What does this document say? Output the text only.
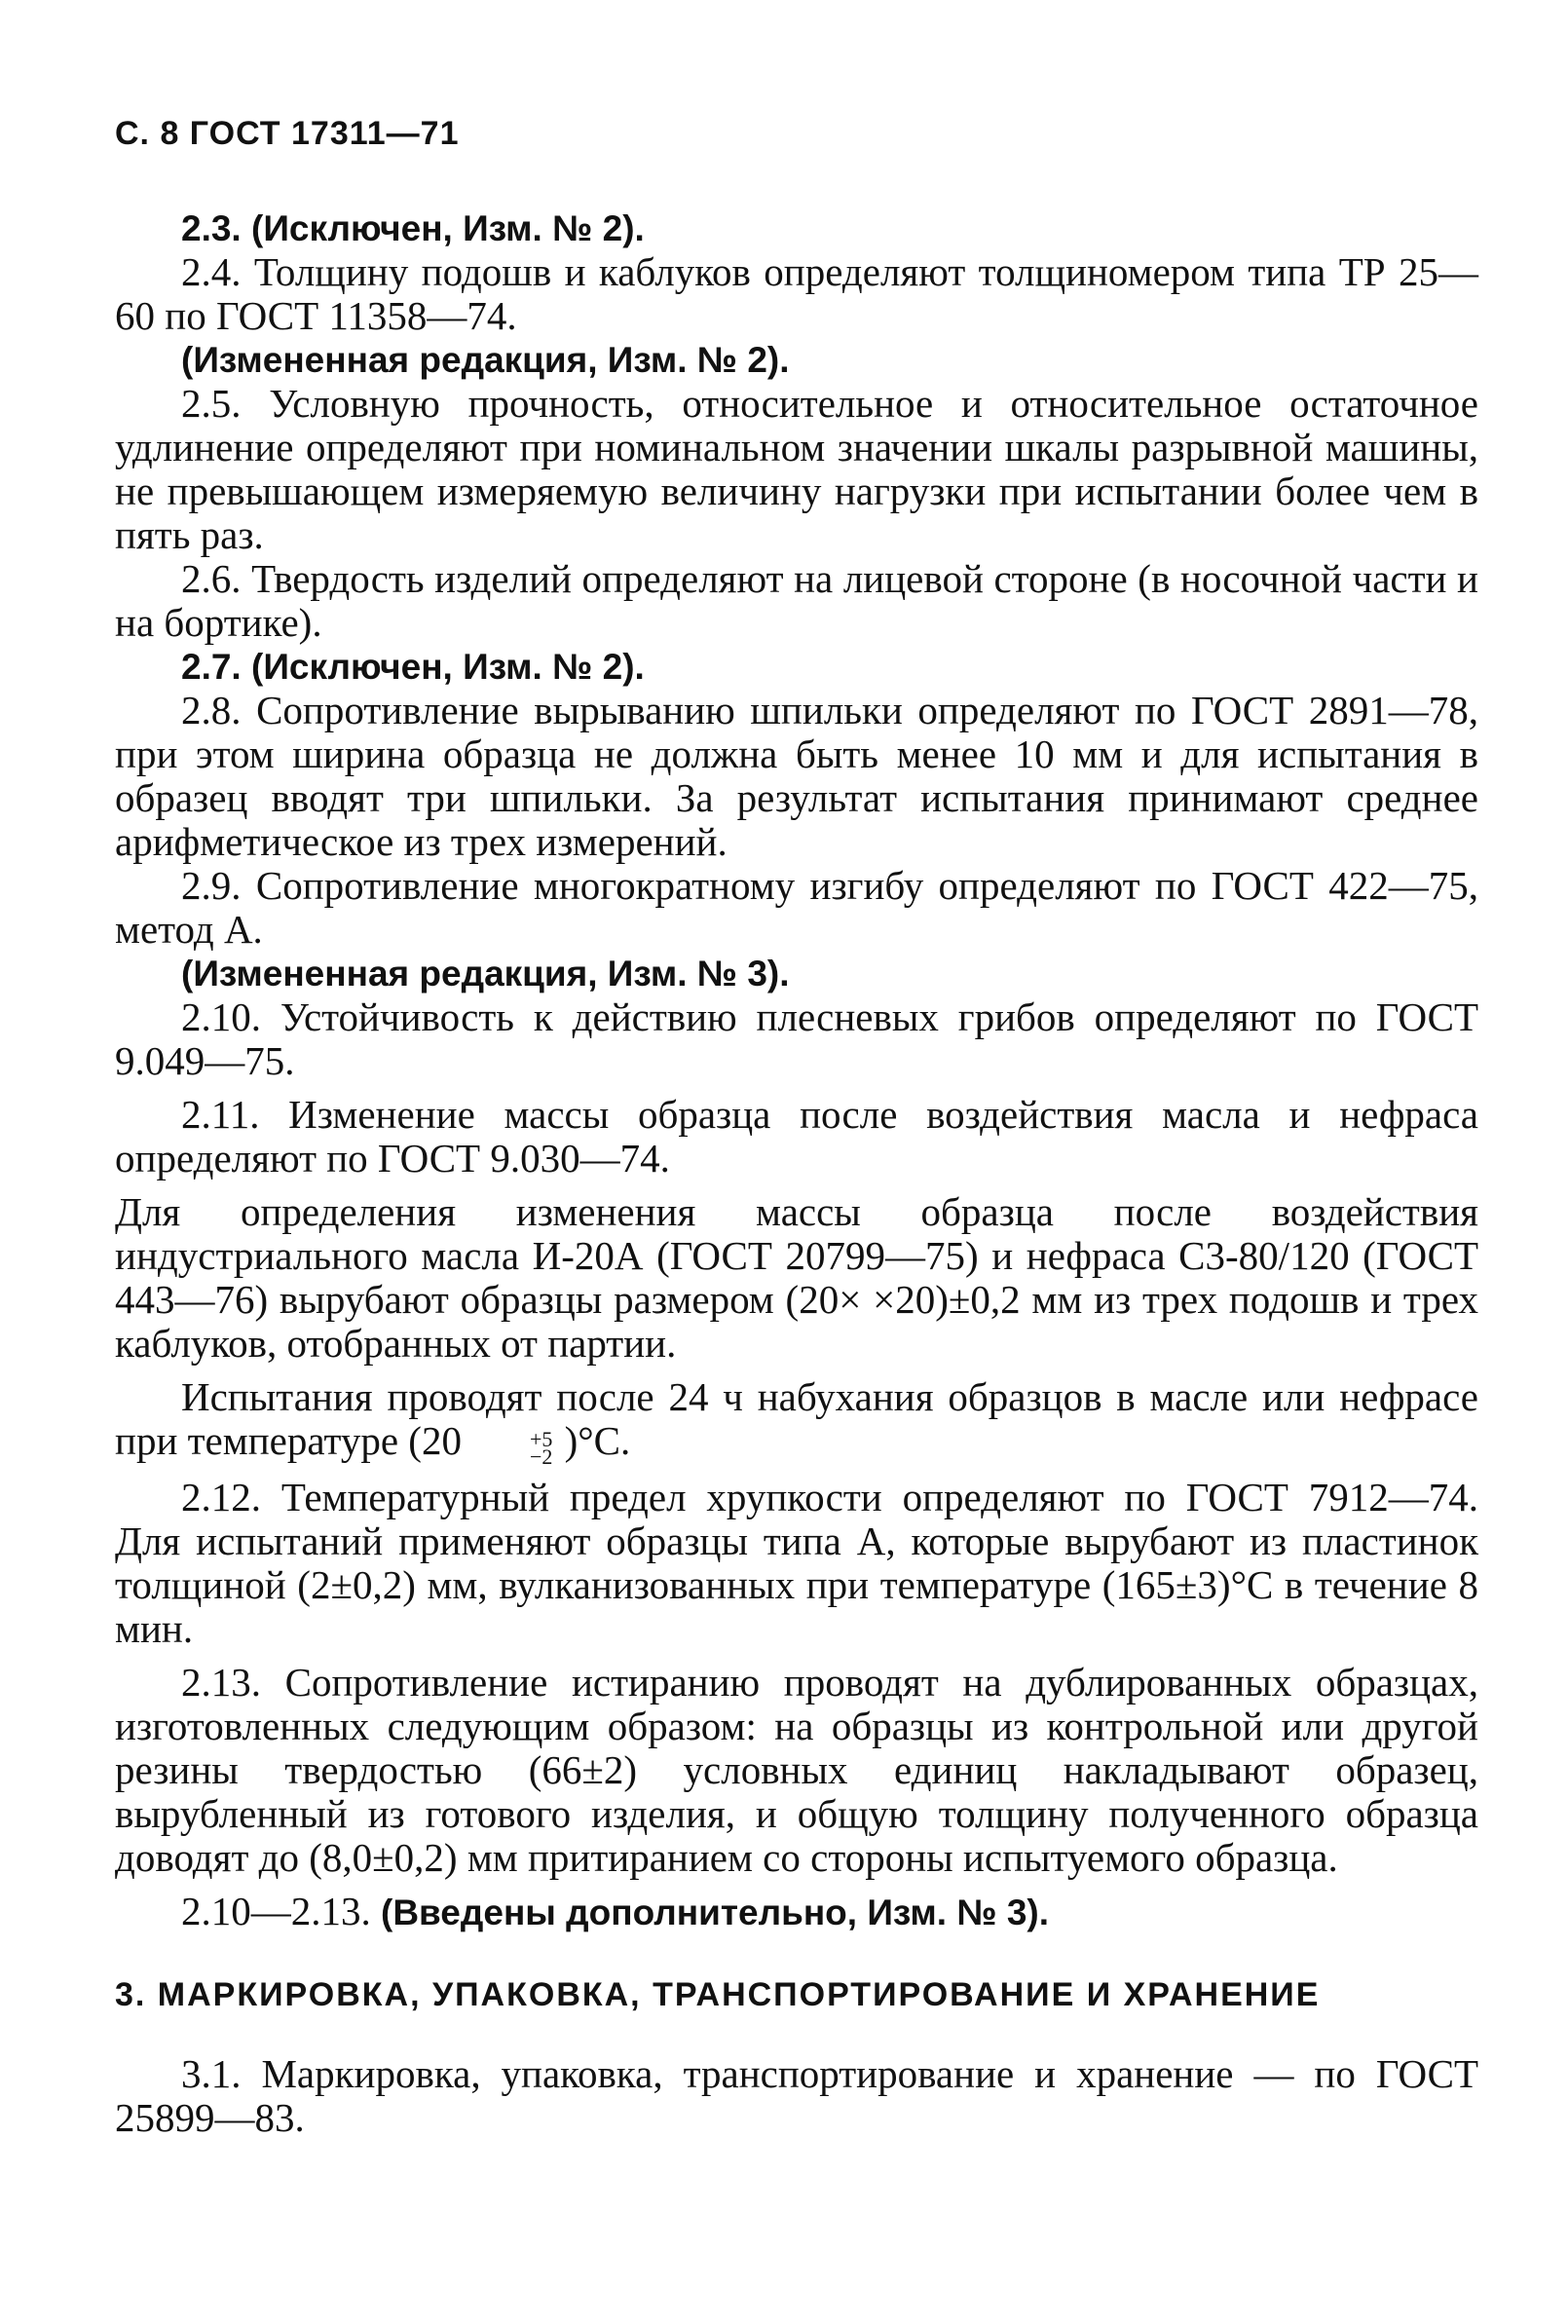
С. 8 ГОСТ 17311—71

2.3. (Исключен, Изм. № 2).

2.4. Толщину подошв и каблуков определяют толщиномером типа ТР 25—60 по ГОСТ 11358—74.

(Измененная редакция, Изм. № 2).

2.5. Условную прочность, относительное и относительное остаточное удлинение определяют при номинальном значении шкалы разрывной машины, не превышающем измеряемую величину нагрузки при испытании более чем в пять раз.

2.6. Твердость изделий определяют на лицевой стороне (в носочной части и на бортике).

2.7. (Исключен, Изм. № 2).

2.8. Сопротивление вырыванию шпильки определяют по ГОСТ 2891—78, при этом ширина образца не должна быть менее 10 мм и для испытания в образец вводят три шпильки. За результат испытания принимают среднее арифметическое из трех измерений.

2.9. Сопротивление многократному изгибу определяют по ГОСТ 422—75, метод А.

(Измененная редакция, Изм. № 3).

2.10. Устойчивость к действию плесневых грибов определяют по ГОСТ 9.049—75.

2.11. Изменение массы образца после воздействия масла и нефраса определяют по ГОСТ 9.030—74.

Для определения изменения массы образца после воздействия индустриального масла И-20А (ГОСТ 20799—75) и нефраса С3-80/120 (ГОСТ 443—76) вырубают образцы размером (20× ×20)±0,2 мм из трех подошв и трех каблуков, отобранных от партии.

Испытания проводят после 24 ч набухания образцов в масле или нефрасе при температуре (20	+5
−2 )°С.

2.12. Температурный предел хрупкости определяют по ГОСТ 7912—74. Для испытаний применяют образцы типа А, которые вырубают из пластинок толщиной (2±0,2) мм, вулканизованных при температуре (165±3)°С в течение 8 мин.

2.13. Сопротивление истиранию проводят на дублированных образцах, изготовленных следующим образом: на образцы из контрольной или другой резины твердостью (66±2) условных единиц накладывают образец, вырубленный из готового изделия, и общую толщину полученного образца доводят до (8,0±0,2) мм притиранием со стороны испытуемого образца.

2.10—2.13. (Введены дополнительно, Изм. № 3).

3. МАРКИРОВКА, УПАКОВКА, ТРАНСПОРТИРОВАНИЕ И ХРАНЕНИЕ

3.1. Маркировка, упаковка, транспортирование и хранение — по ГОСТ 25899—83.
